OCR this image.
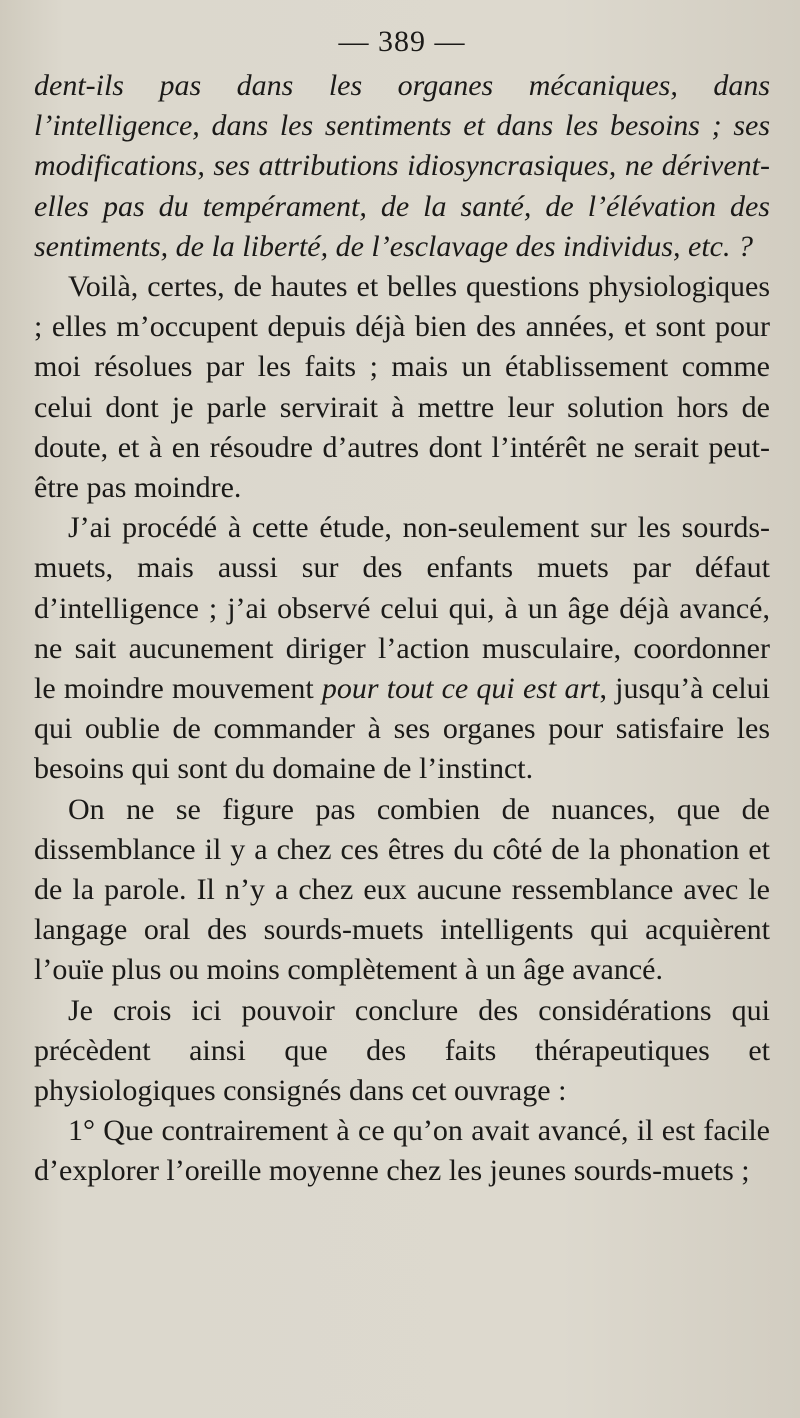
— 389 —

dent-ils pas dans les organes mécaniques, dans l’intelligence, dans les sentiments et dans les besoins ; ses modifications, ses attributions idiosyncrasiques, ne dérivent-elles pas du tempérament, de la santé, de l’élévation des sentiments, de la liberté, de l’esclavage des individus, etc. ?

Voilà, certes, de hautes et belles questions physiologiques ; elles m’occupent depuis déjà bien des années, et sont pour moi résolues par les faits ; mais un établissement comme celui dont je parle servirait à mettre leur solution hors de doute, et à en résoudre d’autres dont l’intérêt ne serait peut-être pas moindre.

J’ai procédé à cette étude, non-seulement sur les sourds-muets, mais aussi sur des enfants muets par défaut d’intelligence ; j’ai observé celui qui, à un âge déjà avancé, ne sait aucunement diriger l’action musculaire, coordonner le moindre mouvement pour tout ce qui est art, jusqu’à celui qui oublie de commander à ses organes pour satisfaire les besoins qui sont du domaine de l’instinct.

On ne se figure pas combien de nuances, que de dissemblance il y a chez ces êtres du côté de la phonation et de la parole. Il n’y a chez eux aucune ressemblance avec le langage oral des sourds-muets intelligents qui acquièrent l’ouïe plus ou moins complètement à un âge avancé.

Je crois ici pouvoir conclure des considérations qui précèdent ainsi que des faits thérapeutiques et physiologiques consignés dans cet ouvrage :

1° Que contrairement à ce qu’on avait avancé, il est facile d’explorer l’oreille moyenne chez les jeunes sourds-muets ;
